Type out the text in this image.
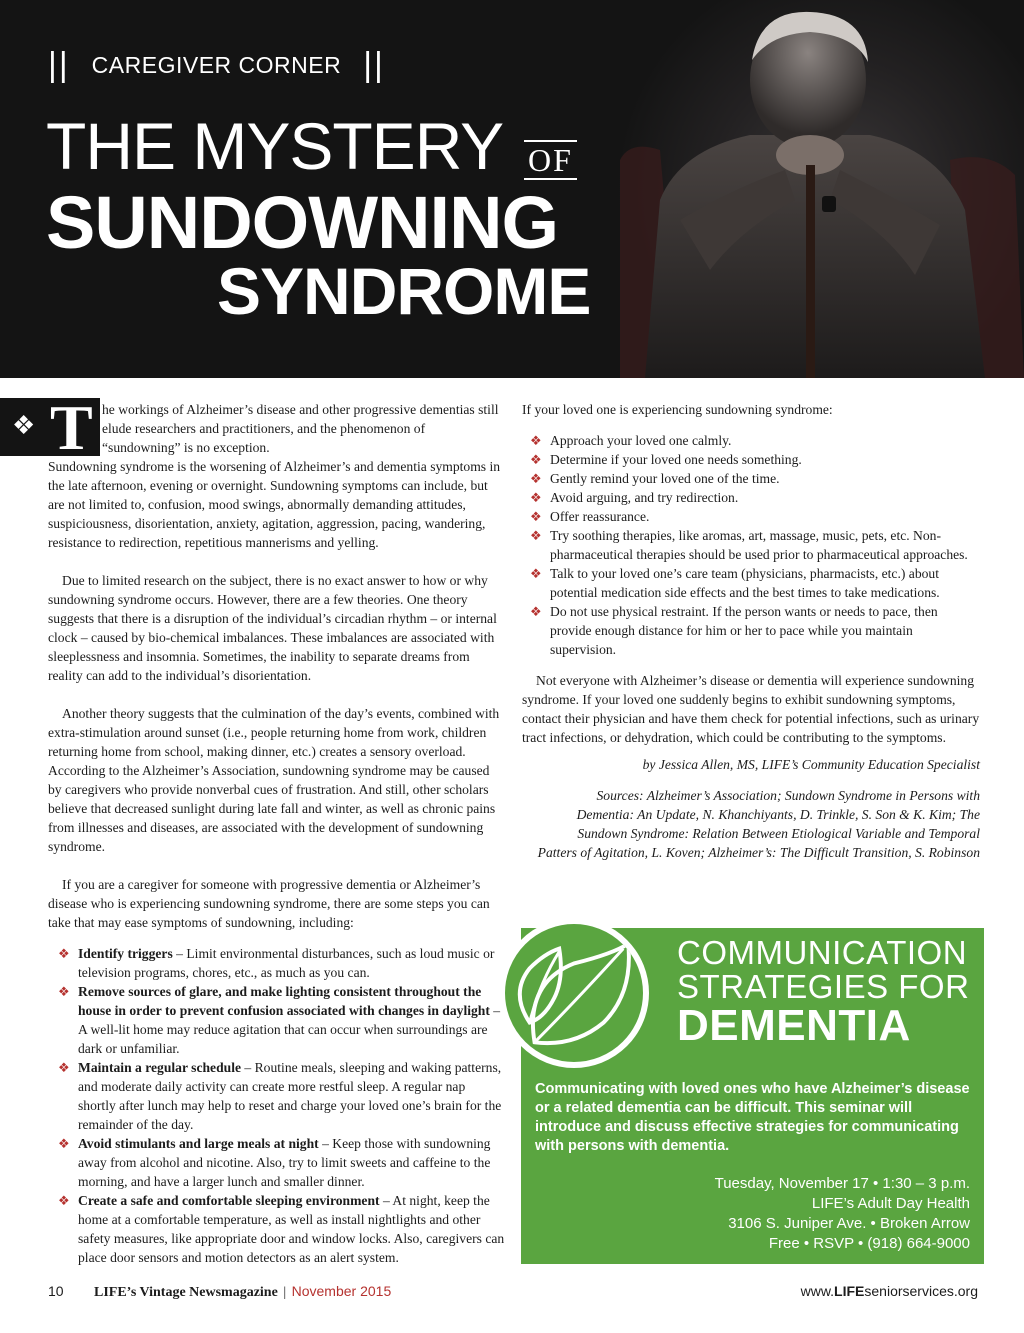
|| CAREGIVER CORNER ||
THE MYSTERY OF
SUNDOWNING
SYNDROME
❖ T he workings of Alzheimer’s disease and other progressive dementias still elude researchers and practitioners, and the phenomenon of “sundowning” is no exception.

Sundowning syndrome is the worsening of Alzheimer’s and dementia symptoms in the late afternoon, evening or overnight. Sundowning symptoms can include, but are not limited to, confusion, mood swings, abnormally demanding attitudes, suspiciousness, disorientation, anxiety, agitation, aggression, pacing, wandering, resistance to redirection, repetitious mannerisms and yelling.

Due to limited research on the subject, there is no exact answer to how or why sundowning syndrome occurs. However, there are a few theories. One theory suggests that there is a disruption of the individual’s circadian rhythm – or internal clock – caused by bio-chemical imbalances. These imbalances are associated with sleeplessness and insomnia. Sometimes, the inability to separate dreams from reality can add to the individual’s disorientation.

Another theory suggests that the culmination of the day’s events, combined with extra-stimulation around sunset (i.e., people returning home from work, children returning home from school, making dinner, etc.) creates a sensory overload. According to the Alzheimer’s Association, sundowning syndrome may be caused by caregivers who provide nonverbal cues of frustration. And still, other scholars believe that decreased sunlight during late fall and winter, as well as chronic pains from illnesses and diseases, are associated with the development of sundowning syndrome.

If you are a caregiver for someone with progressive dementia or Alzheimer’s disease who is experiencing sundowning syndrome, there are some steps you can take that may ease symptoms of sundowning, including:

❖ Identify triggers – Limit environmental disturbances, such as loud music or television programs, chores, etc., as much as you can.
❖ Remove sources of glare, and make lighting consistent throughout the house in order to prevent confusion associated with changes in daylight – A well-lit home may reduce agitation that can occur when surroundings are dark or unfamiliar.
❖ Maintain a regular schedule – Routine meals, sleeping and waking patterns, and moderate daily activity can create more restful sleep. A regular nap shortly after lunch may help to reset and charge your loved one’s brain for the remainder of the day.
❖ Avoid stimulants and large meals at night – Keep those with sundowning away from alcohol and nicotine. Also, try to limit sweets and caffeine to the morning, and have a larger lunch and smaller dinner.
❖ Create a safe and comfortable sleeping environment – At night, keep the home at a comfortable temperature, as well as install nightlights and other safety measures, like appropriate door and window locks. Also, caregivers can place door sensors and motion detectors as an alert system.

If your loved one is experiencing sundowning syndrome:

❖ Approach your loved one calmly.
❖ Determine if your loved one needs something.
❖ Gently remind your loved one of the time.
❖ Avoid arguing, and try redirection.
❖ Offer reassurance.
❖ Try soothing therapies, like aromas, art, massage, music, pets, etc. Non-pharmaceutical therapies should be used prior to pharmaceutical approaches.
❖ Talk to your loved one’s care team (physicians, pharmacists, etc.) about potential medication side effects and the best times to take medications.
❖ Do not use physical restraint. If the person wants or needs to pace, then provide enough distance for him or her to pace while you maintain supervision.

Not everyone with Alzheimer’s disease or dementia will experience sundowning syndrome. If your loved one suddenly begins to exhibit sundowning symptoms, contact their physician and have them check for potential infections, such as urinary tract infections, or dehydration, which could be contributing to the symptoms.

by Jessica Allen, MS, LIFE’s Community Education Specialist
Sources: Alzheimer’s Association; Sundown Syndrome in Persons with
Dementia: An Update, N. Khanchiyants, D. Trinkle, S. Son & K. Kim; The
Sundown Syndrome: Relation Between Etiological Variable and Temporal
Patters of Agitation, L. Koven; Alzheimer’s: The Difficult Transition, S. Robinson
COMMUNICATION
STRATEGIES FOR
DEMENTIA
Communicating with loved ones who have Alzheimer’s disease or a related dementia can be difficult. This seminar will introduce and discuss effective strategies for communicating with persons with dementia.
Tuesday, November 17 • 1:30 – 3 p.m.
LIFE’s Adult Day Health
3106 S. Juniper Ave. • Broken Arrow
Free • RSVP • (918) 664-9000
10 LIFE’s Vintage Newsmagazine | November 2015	www.LIFEseniorservices.org
